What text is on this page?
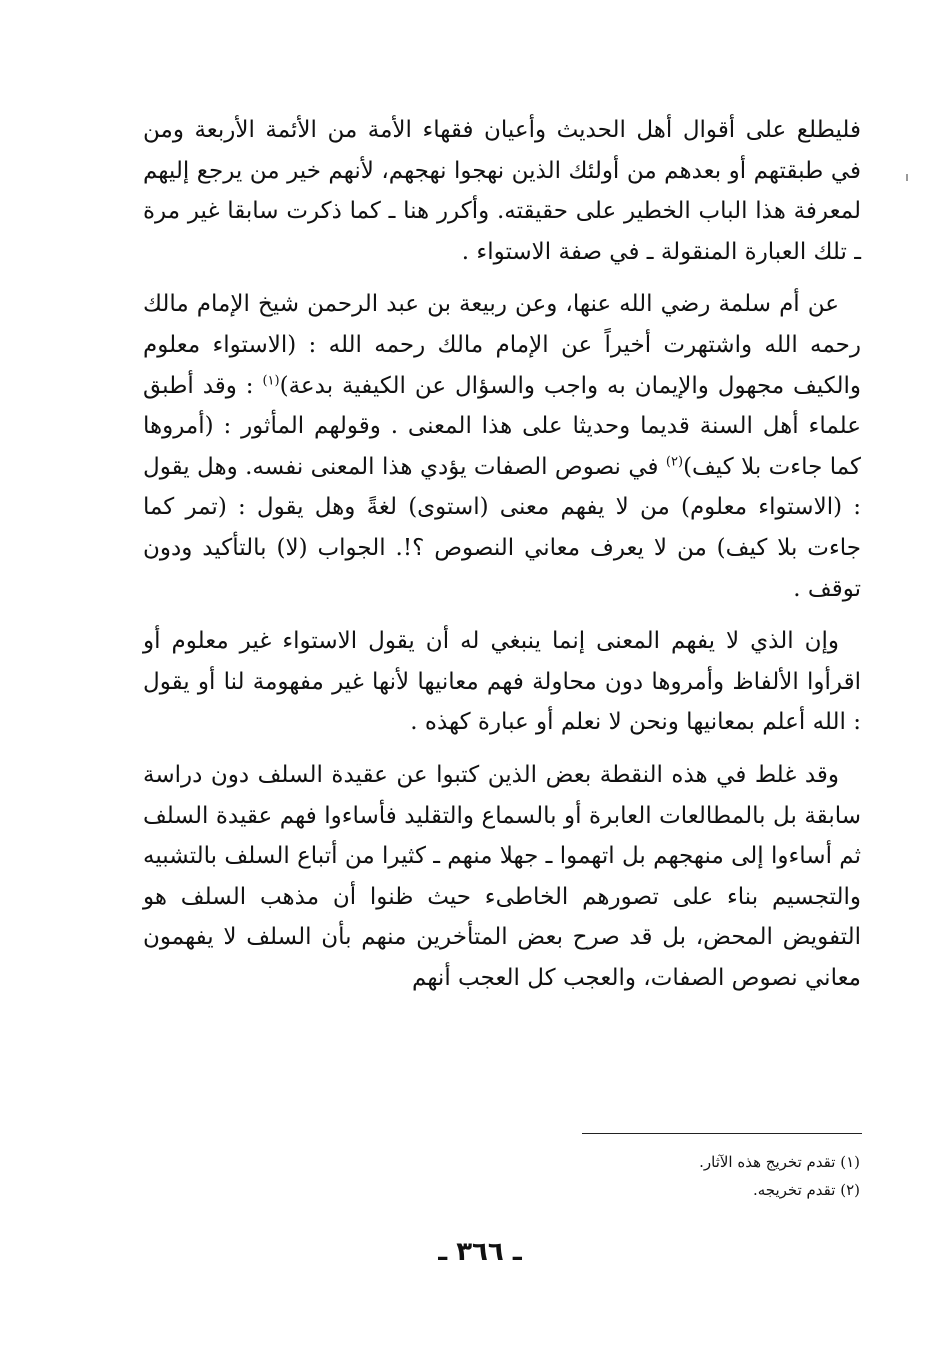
فليطلع على أقوال أهل الحديث وأعيان فقهاء الأمة من الأئمة الأربعة ومن في طبقتهم أو بعدهم من أولئك الذين نهجوا نهجهم، لأنهم خير من يرجع إليهم لمعرفة هذا الباب الخطير على حقيقته. وأكرر هنا ـ كما ذكرت سابقا غير مرة ـ تلك العبارة المنقولة ـ في صفة الاستواء .

عن أم سلمة رضي الله عنها، وعن ربيعة بن عبد الرحمن شيخ الإمام مالك رحمه الله واشتهرت أخيراً عن الإمام مالك رحمه الله : (الاستواء معلوم والكيف مجهول والإيمان به واجب والسؤال عن الكيفية بدعة)$^{(١)}$ : وقد أطبق علماء أهل السنة قديما وحديثا على هذا المعنى . وقولهم المأثور : (أمروها كما جاءت بلا كيف)$^{(٢)}$ في نصوص الصفات يؤدي هذا المعنى نفسه. وهل يقول : (الاستواء معلوم) من لا يفهم معنى (استوى) لغةً وهل يقول : (تمر كما جاءت بلا كيف) من لا يعرف معاني النصوص ؟!. الجواب (لا) بالتأكيد ودون توقف .

وإن الذي لا يفهم المعنى إنما ينبغي له أن يقول الاستواء غير معلوم أو اقرأوا الألفاظ وأمروها دون محاولة فهم معانيها لأنها غير مفهومة لنا أو يقول : الله أعلم بمعانيها ونحن لا نعلم أو عبارة كهذه .

وقد غلط في هذه النقطة بعض الذين كتبوا عن عقيدة السلف دون دراسة سابقة بل بالمطالعات العابرة أو بالسماع والتقليد فأساءوا فهم عقيدة السلف ثم أساءوا إلى منهجهم بل اتهموا ـ جهلا منهم ـ كثيرا من أتباع السلف بالتشبيه والتجسيم بناء على تصورهم الخاطىء حيث ظنوا أن مذهب السلف هو التفويض المحض، بل قد صرح بعض المتأخرين منهم بأن السلف لا يفهمون معاني نصوص الصفات، والعجب كل العجب أنهم

(١) تقدم تخريج هذه الآثار.

(٢) تقدم تخريجه.

ـ ٣٦٦ ـ
